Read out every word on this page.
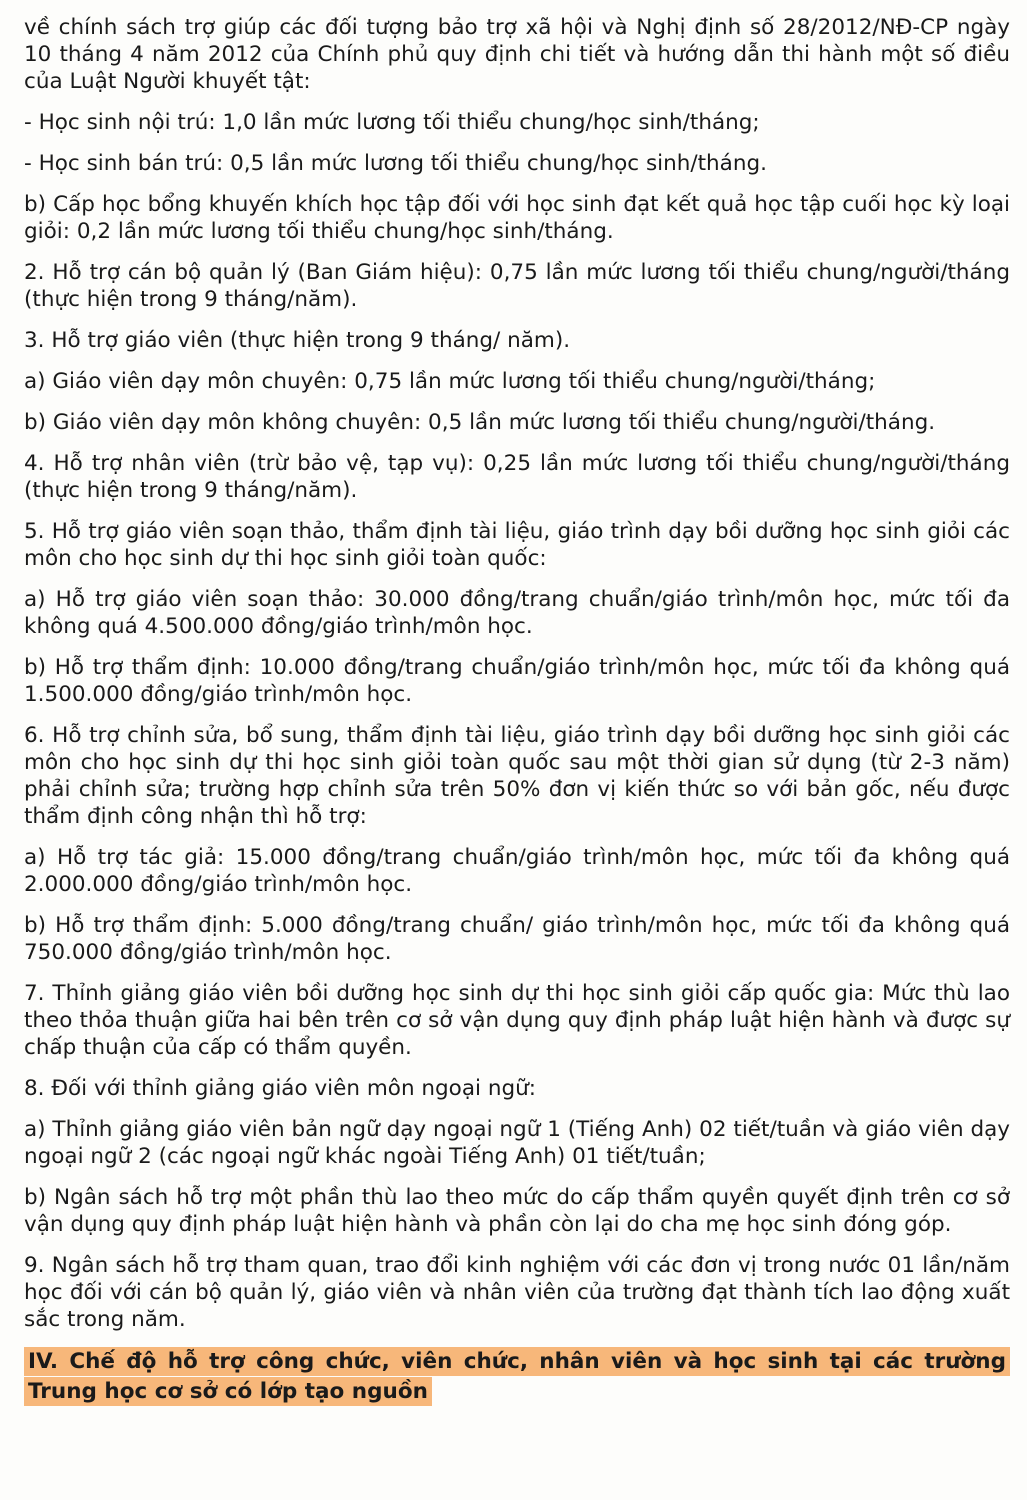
về chính sách trợ giúp các đối tượng bảo trợ xã hội và Nghị định số 28/2012/NĐ-CP ngày 10 tháng 4 năm 2012 của Chính phủ quy định chi tiết và hướng dẫn thi hành một số điều của Luật Người khuyết tật:

- Học sinh nội trú: 1,0 lần mức lương tối thiểu chung/học sinh/tháng;

- Học sinh bán trú: 0,5 lần mức lương tối thiểu chung/học sinh/tháng.

b) Cấp học bổng khuyến khích học tập đối với học sinh đạt kết quả học tập cuối học kỳ loại giỏi: 0,2 lần mức lương tối thiểu chung/học sinh/tháng.

2. Hỗ trợ cán bộ quản lý (Ban Giám hiệu): 0,75 lần mức lương tối thiểu chung/người/tháng (thực hiện trong 9 tháng/năm).

3. Hỗ trợ giáo viên (thực hiện trong 9 tháng/ năm).

a) Giáo viên dạy môn chuyên: 0,75 lần mức lương tối thiểu chung/người/tháng;

b) Giáo viên dạy môn không chuyên: 0,5 lần mức lương tối thiểu chung/người/tháng.

4. Hỗ trợ nhân viên (trừ bảo vệ, tạp vụ): 0,25 lần mức lương tối thiểu chung/người/tháng (thực hiện trong 9 tháng/năm).

5. Hỗ trợ giáo viên soạn thảo, thẩm định tài liệu, giáo trình dạy bồi dưỡng học sinh giỏi các môn cho học sinh dự thi học sinh giỏi toàn quốc:

a) Hỗ trợ giáo viên soạn thảo: 30.000 đồng/trang chuẩn/giáo trình/môn học, mức tối đa không quá 4.500.000 đồng/giáo trình/môn học.

b) Hỗ trợ thẩm định: 10.000 đồng/trang chuẩn/giáo trình/môn học, mức tối đa không quá 1.500.000 đồng/giáo trình/môn học.

6. Hỗ trợ chỉnh sửa, bổ sung, thẩm định tài liệu, giáo trình dạy bồi dưỡng học sinh giỏi các môn cho học sinh dự thi học sinh giỏi toàn quốc sau một thời gian sử dụng (từ 2-3 năm) phải chỉnh sửa; trường hợp chỉnh sửa trên 50% đơn vị kiến thức so với bản gốc, nếu được thẩm định công nhận thì hỗ trợ:

a) Hỗ trợ tác giả: 15.000 đồng/trang chuẩn/giáo trình/môn học, mức tối đa không quá 2.000.000 đồng/giáo trình/môn học.

b) Hỗ trợ thẩm định: 5.000 đồng/trang chuẩn/ giáo trình/môn học, mức tối đa không quá 750.000 đồng/giáo trình/môn học.

7. Thỉnh giảng giáo viên bồi dưỡng học sinh dự thi học sinh giỏi cấp quốc gia: Mức thù lao theo thỏa thuận giữa hai bên trên cơ sở vận dụng quy định pháp luật hiện hành và được sự chấp thuận của cấp có thẩm quyền.

8. Đối với thỉnh giảng giáo viên môn ngoại ngữ:

a) Thỉnh giảng giáo viên bản ngữ dạy ngoại ngữ 1 (Tiếng Anh) 02 tiết/tuần và giáo viên dạy ngoại ngữ 2 (các ngoại ngữ khác ngoài Tiếng Anh) 01 tiết/tuần;

b) Ngân sách hỗ trợ một phần thù lao theo mức do cấp thẩm quyền quyết định trên cơ sở vận dụng quy định pháp luật hiện hành và phần còn lại do cha mẹ học sinh đóng góp.

9. Ngân sách hỗ trợ tham quan, trao đổi kinh nghiệm với các đơn vị trong nước 01 lần/năm học đối với cán bộ quản lý, giáo viên và nhân viên của trường đạt thành tích lao động xuất sắc trong năm.

IV. Chế độ hỗ trợ công chức, viên chức, nhân viên và học sinh tại các trường Trung học cơ sở có lớp tạo nguồn
